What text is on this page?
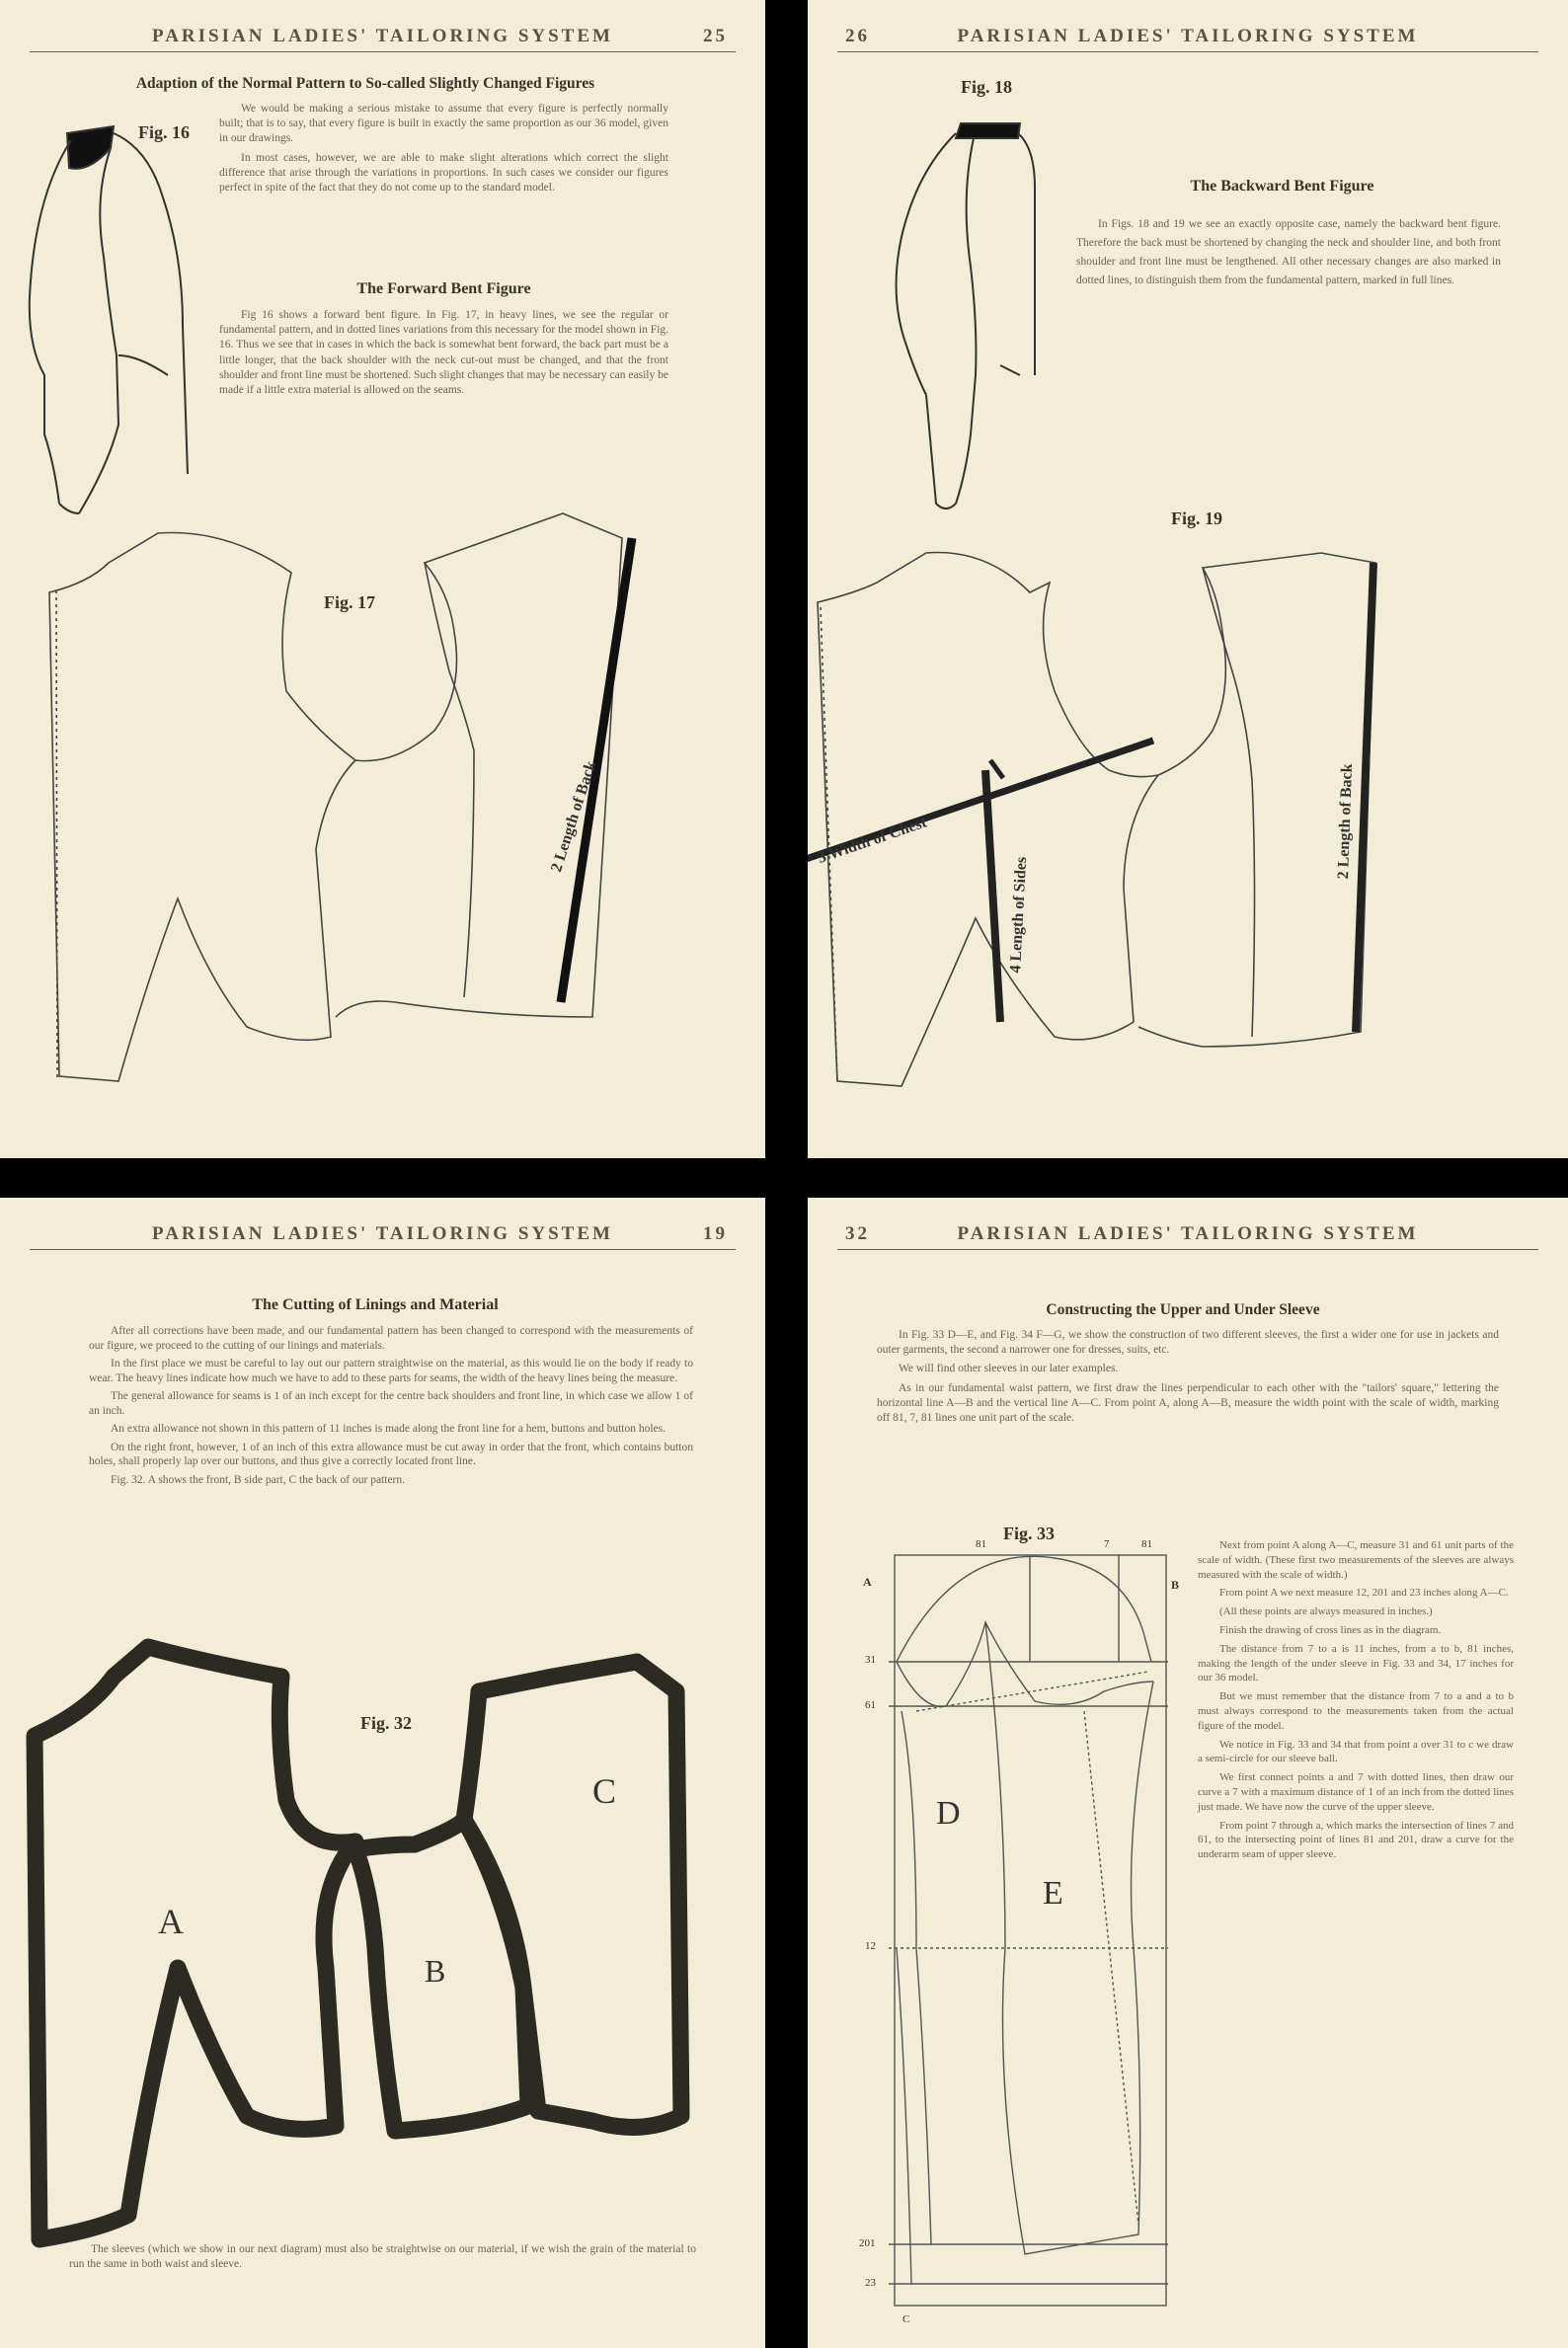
PARISIAN LADIES' TAILORING SYSTEM	25
Adaption of the Normal Pattern to So-called Slightly Changed Figures
Fig. 16

We would be making a serious mistake to assume that every figure is perfectly normally built; that is to say, that every figure is built in exactly the same proportion as our 36 model, given in our drawings.

In most cases, however, we are able to make slight alterations which correct the slight difference that arise through the variations in proportions. In such cases we consider our figures perfect in spite of the fact that they do not come up to the standard model.

The Forward Bent Figure

Fig 16 shows a forward bent figure. In Fig. 17, in heavy lines, we see the regular or fundamental pattern, and in dotted lines variations from this necessary for the model shown in Fig. 16. Thus we see that in cases in which the back is somewhat bent forward, the back part must be a little longer, that the back shoulder with the neck cut-out must be changed, and that the front shoulder and front line must be shortened. Such slight changes that may be necessary can easily be made if a little extra material is allowed on the seams.

Fig. 17
2 Length of Back
PARISIAN LADIES' TAILORING SYSTEM
26
Fig. 18
The Backward Bent Figure

In Figs. 18 and 19 we see an exactly opposite case, namely the backward bent figure. Therefore the back must be shortened by changing the neck and shoulder line, and both front shoulder and front line must be lengthened. All other necessary changes are also marked in dotted lines, to distinguish them from the fundamental pattern, marked in full lines.

Fig. 19
3 Width of Chest
4 Length of Sides
2 Length of Back
PARISIAN LADIES' TAILORING SYSTEM	19
The Cutting of Linings and Material

After all corrections have been made, and our fundamental pattern has been changed to correspond with the measurements of our figure, we proceed to the cutting of our linings and materials.

In the first place we must be careful to lay out our pattern straightwise on the material, as this would lie on the body if ready to wear. The heavy lines indicate how much we have to add to these parts for seams, the width of the heavy lines being the measure.

The general allowance for seams is 1 of an inch except for the centre back shoulders and front line, in which case we allow 1 of an inch.

An extra allowance not shown in this pattern of 11 inches is made along the front line for a hem, buttons and button holes.

On the right front, however, 1 of an inch of this extra allowance must be cut away in order that the front, which contains button holes, shall properly lap over our buttons, and thus give a correctly located front line.

Fig. 32. A shows the front, B side part, C the back of our pattern.

Fig. 32
A
B
C

The sleeves (which we show in our next diagram) must also be straightwise on our material, if we wish the grain of the material to run the same in both waist and sleeve.

PARISIAN LADIES' TAILORING SYSTEM
32
Constructing the Upper and Under Sleeve

In Fig. 33 D—E, and Fig. 34 F—G, we show the construction of two different sleeves, the first a wider one for use in jackets and outer garments, the second a narrower one for dresses, suits, etc.

We will find other sleeves in our later examples.

As in our fundamental waist pattern, we first draw the lines perpendicular to each other with the "tailors' square," lettering the horizontal line A—B and the vertical line A—C. From point A, along A—B, measure the width point with the scale of width, marking off 81, 7, 81 lines one unit part of the scale.

Fig. 33

Next from point A along A—C, measure 31 and 61 unit parts of the scale of width. (These first two measurements of the sleeves are always measured with the scale of width.)

From point A we next measure 12, 201 and 23 inches along A—C.

(All these points are always measured in inches.)

Finish the drawing of cross lines as in the diagram.

The distance from 7 to a is 11 inches, from a to b, 81 inches, making the length of the under sleeve in Fig. 33 and 34, 17 inches for our 36 model.

But we must remember that the distance from 7 to a and a to b must always correspond to the measurements taken from the actual figure of the model.

We notice in Fig. 33 and 34 that from point a over 31 to c we draw a semi-circle for our sleeve ball.

We first connect points a and 7 with dotted lines, then draw our curve a 7 with a maximum distance of 1 of an inch from the dotted lines just made. We have now the curve of the upper sleeve.

From point 7 through a, which marks the intersection of lines 7 and 61, to the intersecting point of lines 81 and 201, draw a curve for the underarm seam of upper sleeve.

A
31
61
12
201
23
C
81	7	81
B
D
E
